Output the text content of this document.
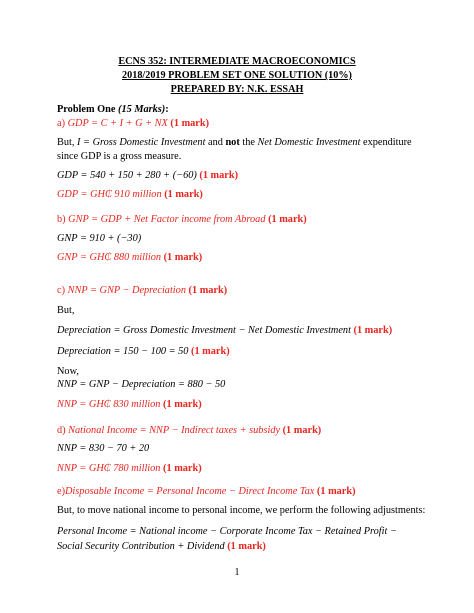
ECNS 352: INTERMEDIATE MACROECONOMICS
2018/2019 PROBLEM SET ONE SOLUTION (10%)
PREPARED BY: N.K. ESSAH
Problem One (15 Marks):
a) GDP = C + I + G + NX (1 mark)
But, I = Gross Domestic Investment and not the Net Domestic Investment expenditure
since GDP is a gross measure.
GDP = 540 + 150 + 280 + (−60) (1 mark)
GDP = GH₵ 910 million (1 mark)
b) GNP = GDP + Net Factor income from Abroad (1 mark)
GNP = 910 + (−30)
GNP = GH₵ 880 million (1 mark)
c) NNP = GNP − Depreciation (1 mark)
But,
Depreciation = Gross Domestic Investment − Net Domestic Investment (1 mark)
Depreciation = 150 − 100 = 50 (1 mark)
Now,
NNP = GNP − Depreciation = 880 − 50
NNP = GH₵ 830 million (1 mark)
d) National Income = NNP − Indirect taxes + subsidy (1 mark)
NNP = 830 − 70 + 20
NNP = GH₵ 780 million (1 mark)
e)Disposable Income = Personal Income − Direct Income Tax (1 mark)
But, to move national income to personal income, we perform the following adjustments:
Personal Income = National income − Corporate Income Tax − Retained Profit −
Social Security Contribution + Dividend (1 mark)
1
